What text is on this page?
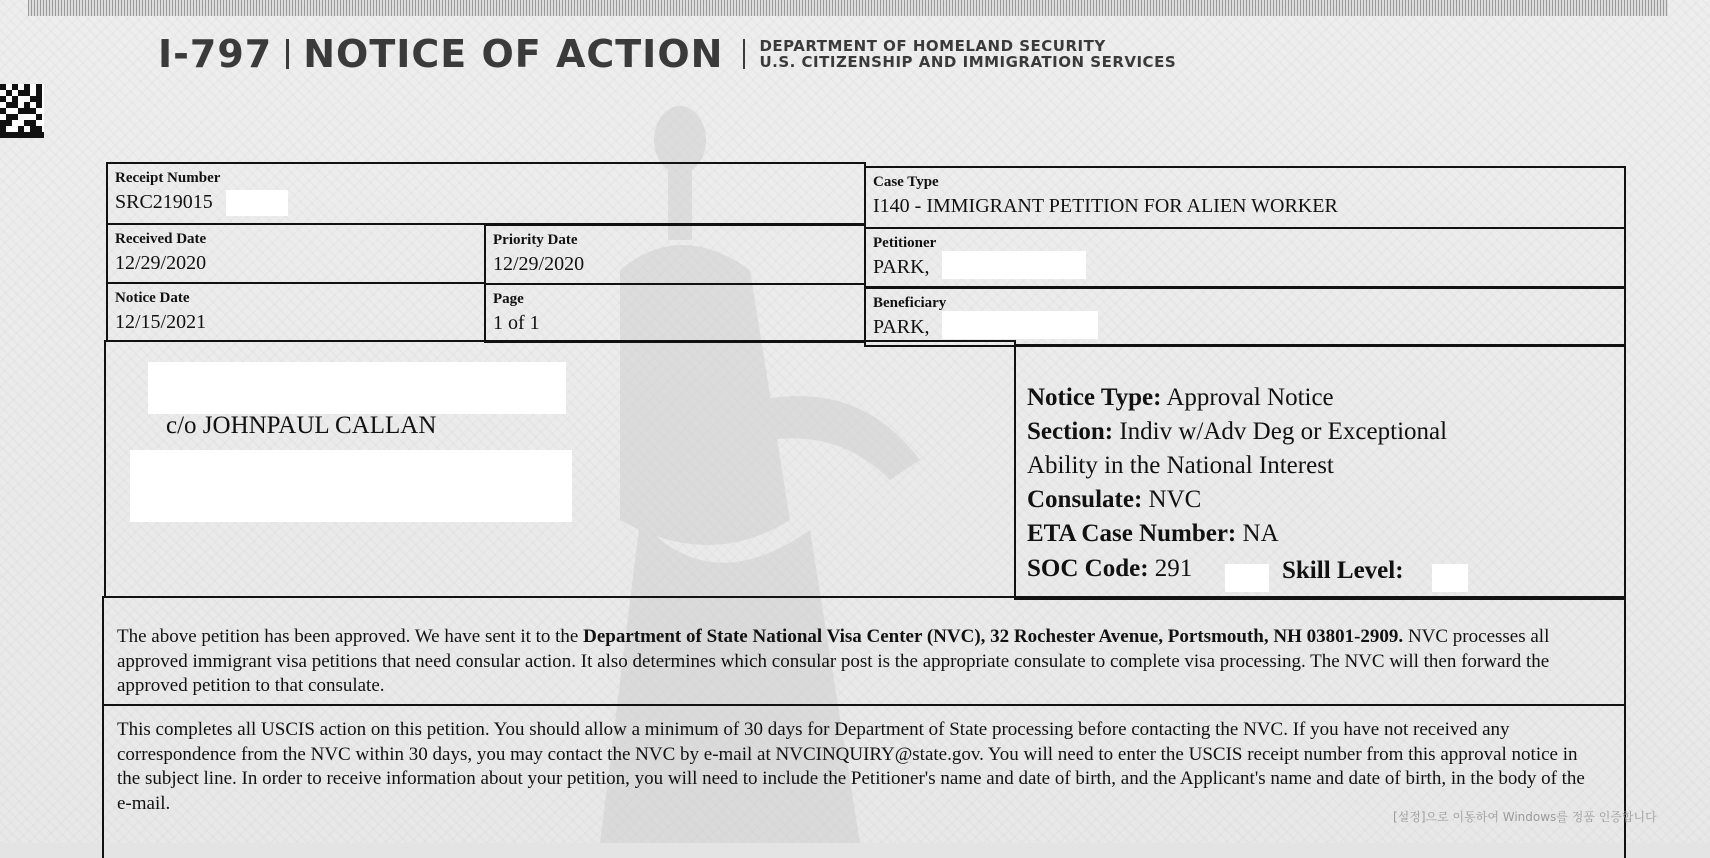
I-797 NOTICE OF ACTION DEPARTMENT OF HOMELAND SECURITY
U.S. CITIZENSHIP AND IMMIGRATION SERVICES
Receipt Number
SRC219015
Case Type
I140 - IMMIGRANT PETITION FOR ALIEN WORKER
Received Date
12/29/2020
Priority Date
12/29/2020
Petitioner
PARK,
Notice Date
12/15/2021
Page
1 of 1
Beneficiary
PARK,
c/o JOHNPAUL CALLAN
Notice Type: Approval Notice
Section: Indiv w/Adv Deg or Exceptional
Ability in the National Interest
Consulate: NVC
ETA Case Number: NA
SOC Code: 291	Skill Level:
The above petition has been approved. We have sent it to the Department of State National Visa Center (NVC), 32 Rochester Avenue, Portsmouth, NH 03801-2909. NVC processes all approved immigrant visa petitions that need consular action. It also determines which consular post is the appropriate consulate to complete visa processing. The NVC will then forward the approved petition to that consulate.
This completes all USCIS action on this petition. You should allow a minimum of 30 days for Department of State processing before contacting the NVC. If you have not received any correspondence from the NVC within 30 days, you may contact the NVC by e-mail at NVCINQUIRY@state.gov. You will need to enter the USCIS receipt number from this approval notice in the subject line. In order to receive information about your petition, you will need to include the Petitioner's name and date of birth, and the Applicant's name and date of birth, in the body of the e-mail.
[설정]으로 이동하여 Windows를 정품 인증합니다
